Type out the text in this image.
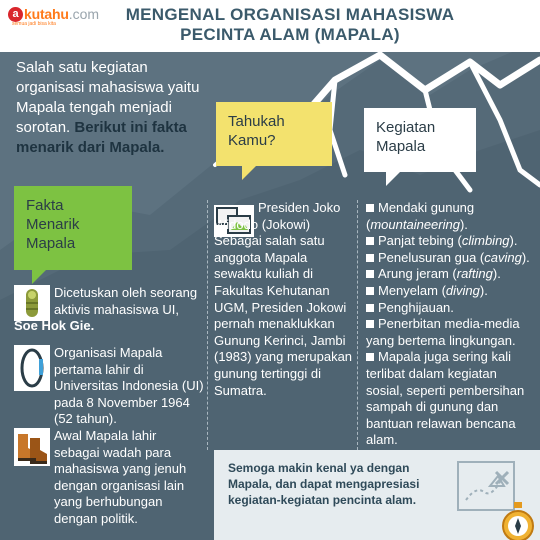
a kutahu .com
semua jadi bisa kita	MENGENAL ORGANISASI MAHASISWA
PECINTA ALAM (MAPALA)
Salah satu kegiatan organisasi mahasiswa yaitu Mapala tengah menjadi sorotan. Berikut ini fakta menarik dari Mapala.
Fakta
Menarik
Mapala
Tahukah
Kamu?
Kegiatan
Mapala
Dicetuskan oleh seorang aktivis mahasiswa UI,
Soe Hok Gie.
Organisasi Mapala pertama lahir di Universitas Indonesia (UI) pada 8 November 1964 (52 tahun).
Awal Mapala lahir sebagai wadah para mahasiswa yang jenuh dengan organisasi lain yang berhubungan dengan politik.
Presiden Joko Widodo (Jokowi) Sebagai salah satu anggota Mapala sewaktu kuliah di Fakultas Kehutanan UGM, Presiden Jokowi pernah menaklukkan Gunung Kerinci, Jambi (1983) yang merupakan gunung tertinggi di Sumatra.
Mendaki gunung (mountaineering).
Panjat tebing (climbing).
Penelusuran gua (caving).
Arung jeram (rafting).
Menyelam (diving).
Penghijauan.
Penerbitan media-media yang bertema lingkungan.
Mapala juga sering kali terlibat dalam kegiatan sosial, seperti pembersihan sampah di gunung dan bantuan relawan bencana alam.
Semoga makin kenal ya dengan Mapala, dan dapat mengapresiasi kegiatan-kegiatan pencinta alam.
